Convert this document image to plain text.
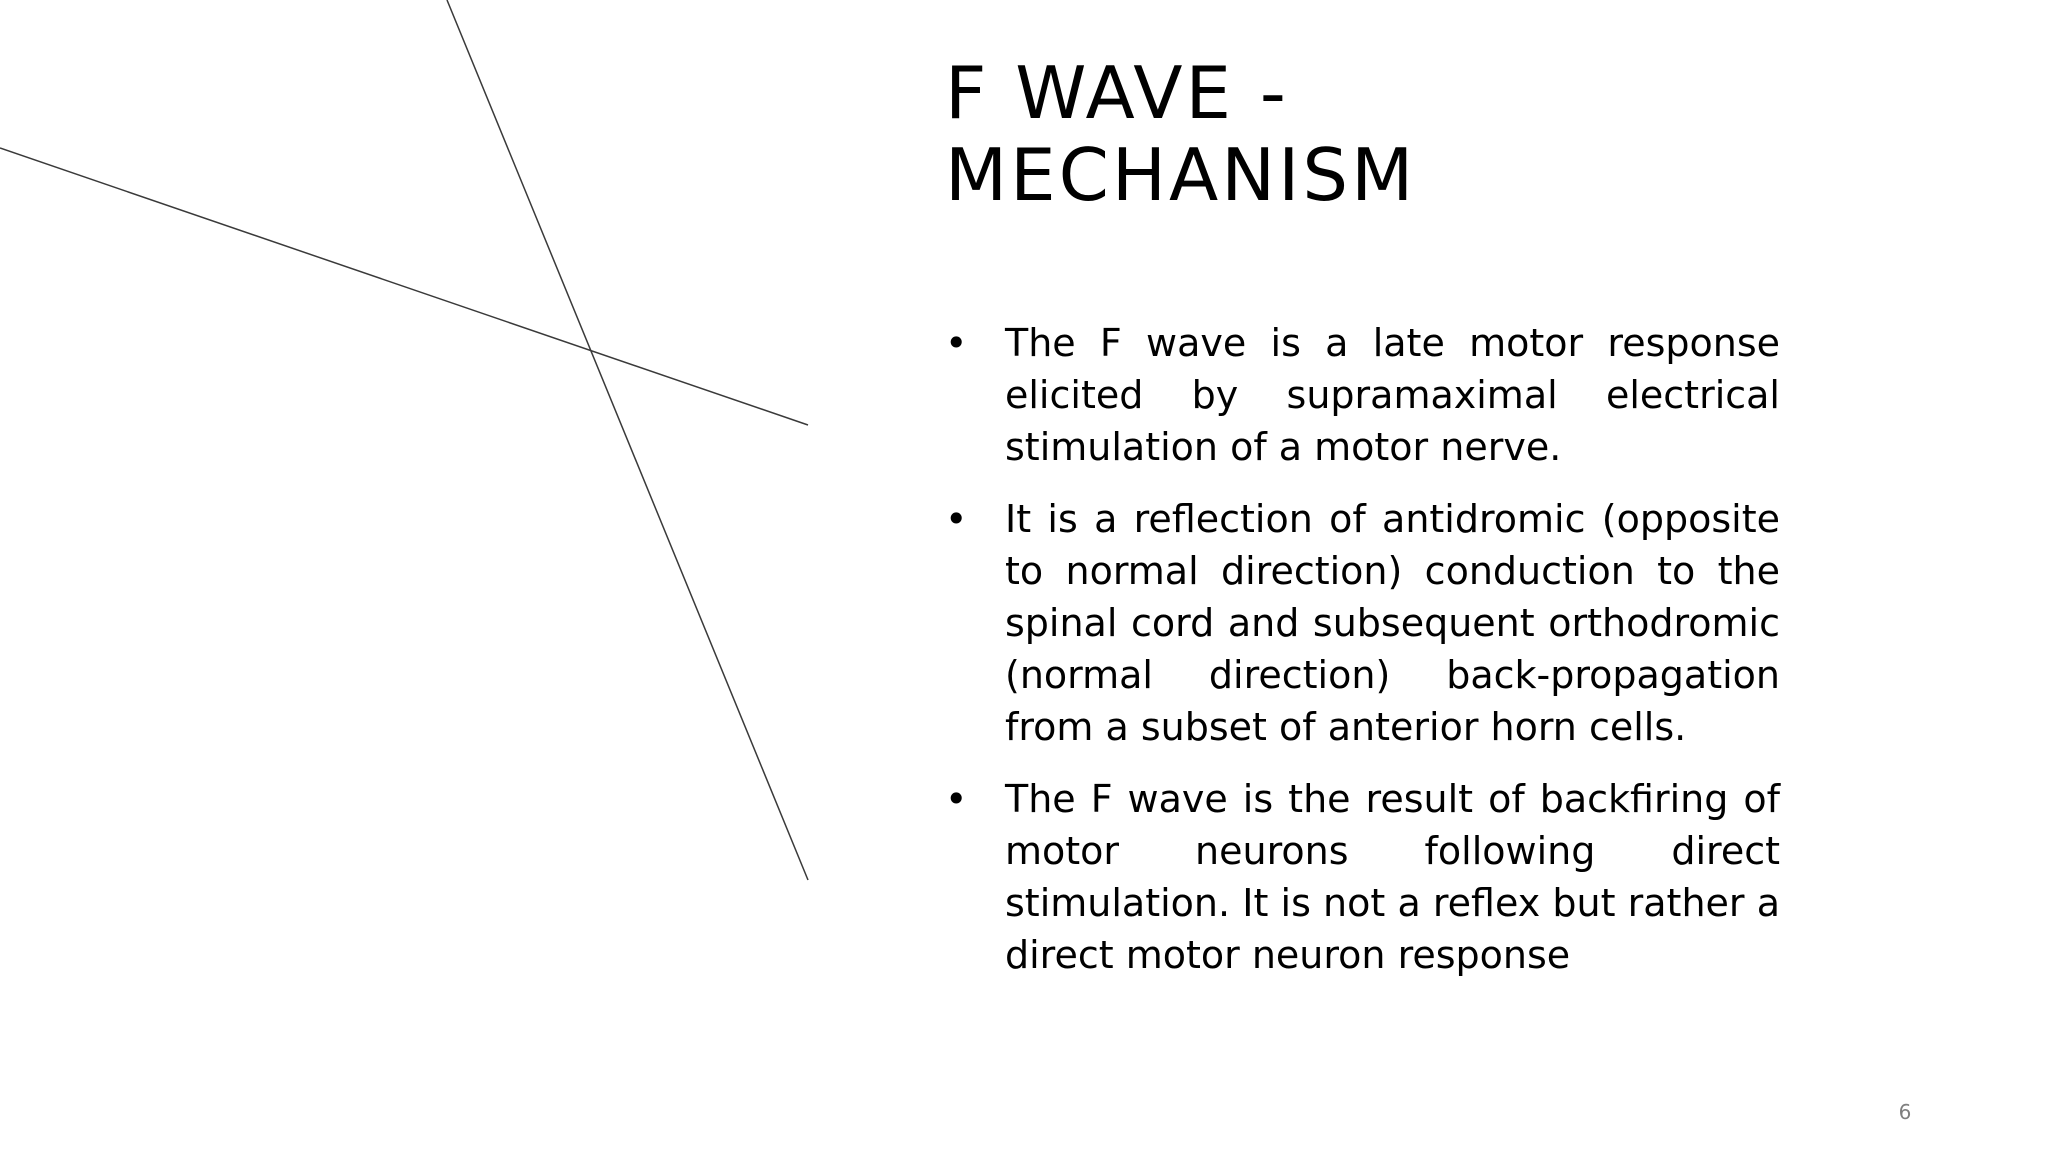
F WAVE -
MECHANISM
• The F wave is a late motor response elicited by supramaximal electrical stimulation of a motor nerve.
• It is a reflection of antidromic (opposite to normal direction) conduction to the spinal cord and subsequent orthodromic (normal direction) back-propagation from a subset of anterior horn cells.
• The F wave is the result of backfiring of motor neurons following direct stimulation. It is not a reflex but rather a direct motor neuron response
6
